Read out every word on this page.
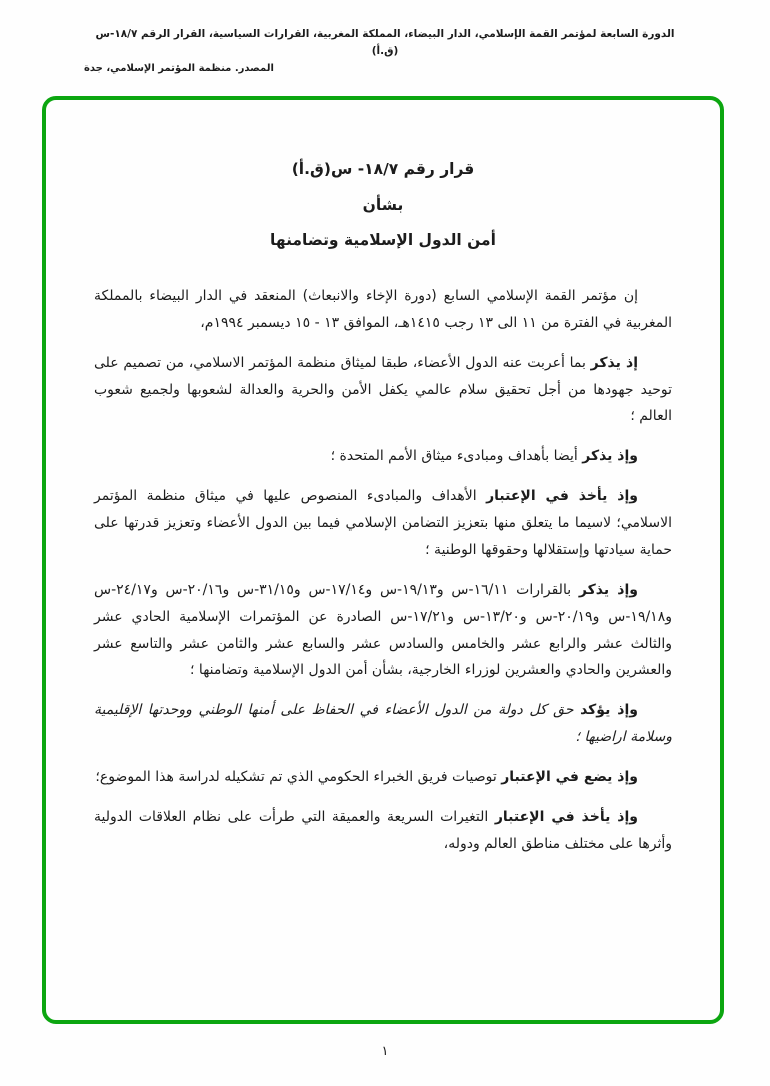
الدورة السابعة لمؤتمر القمة الإسلامي، الدار البيضاء، المملكة المغربية، القرارات السياسية، القرار الرقم ١٨/٧-س (ق.أ)
المصدر. منظمة المؤتمر الإسلامي، جدة
قرار رقم ١٨/٧- س(ق.أ)
بشأن
أمن الدول الإسلامية وتضامنها

إن مؤتمر القمة الإسلامي السابع (دورة الإخاء والانبعاث) المنعقد في الدار البيضاء بالمملكة المغربية في الفترة من ١١ الى ١٣ رجب ١٤١٥هـ، الموافق ١٣ - ١٥ ديسمبر ١٩٩٤م،

إذ يذكر بما أعربت عنه الدول الأعضاء، طبقا لميثاق منظمة المؤتمر الاسلامي، من تصميم على توحيد جهودها من أجل تحقيق سلام عالمي يكفل الأمن والحرية والعدالة لشعوبها ولجميع شعوب العالم ؛

وإذ يذكر أيضا بأهداف ومبادىء ميثاق الأمم المتحدة ؛

وإذ يأخذ في الإعتبار الأهداف والمبادىء المنصوص عليها في ميثاق منظمة المؤتمر الاسلامي؛ لاسيما ما يتعلق منها بتعزيز التضامن الإسلامي فيما بين الدول الأعضاء وتعزيز قدرتها على حماية سيادتها وإستقلالها وحقوقها الوطنية ؛

وإذ يذكر بالقرارات ١٦/١١-س و١٩/١٣-س و١٧/١٤-س و٣١/١٥-س و٢٠/١٦-س و٢٤/١٧-س و١٩/١٨-س و٢٠/١٩-س و١٣/٢٠-س و١٧/٢١-س الصادرة عن المؤتمرات الإسلامية الحادي عشر والثالث عشر والرابع عشر والخامس والسادس عشر والسابع عشر والثامن عشر والتاسع عشر والعشرين والحادي والعشرين لوزراء الخارجية، بشأن أمن الدول الإسلامية وتضامنها ؛

وإذ يؤكد حق كل دولة من الدول الأعضاء في الحفاظ على أمنها الوطني ووحدتها الإقليمية وسلامة اراضيها ؛

وإذ يضع في الإعتبار توصيات فريق الخبراء الحكومي الذي تم تشكيله لدراسة هذا الموضوع؛

وإذ يأخذ في الإعتبار التغيرات السريعة والعميقة التي طرأت على نظام العلاقات الدولية وأثرها على مختلف مناطق العالم ودوله،

١
